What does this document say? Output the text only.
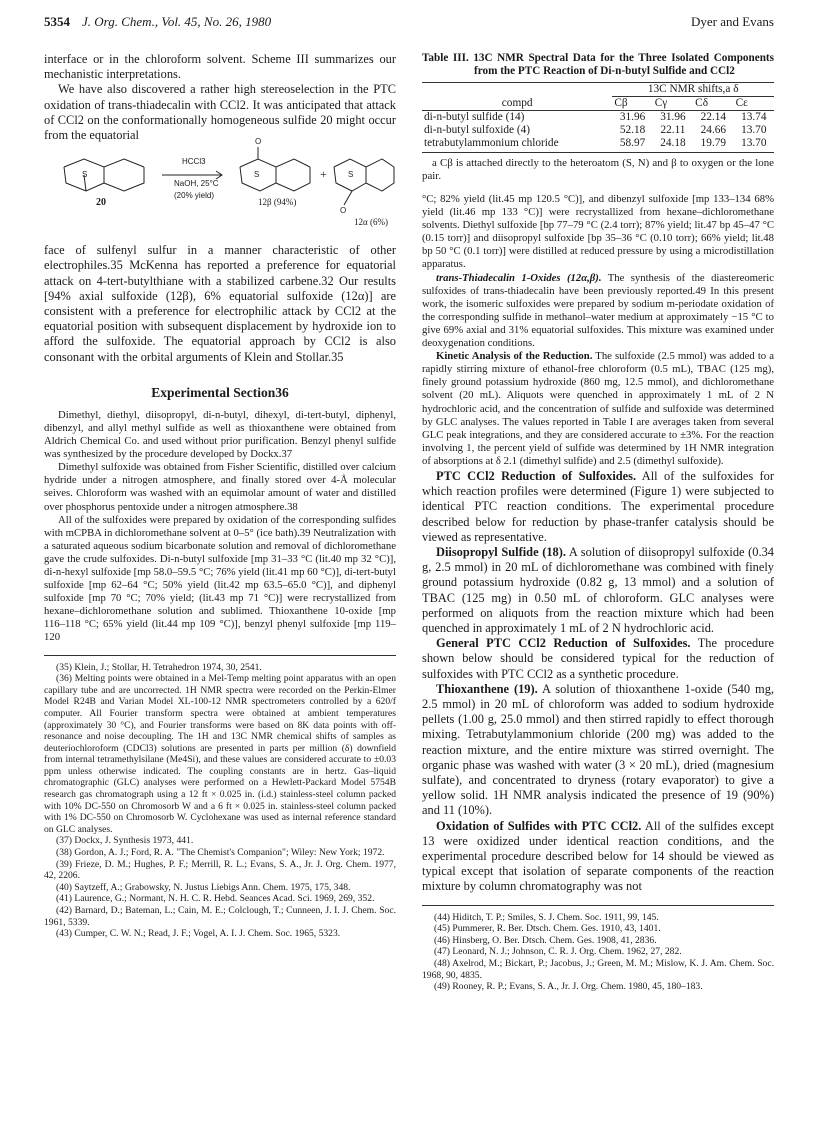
5354 J. Org. Chem., Vol. 45, No. 26, 1980	Dyer and Evans

interface or in the chloroform solvent. Scheme III summarizes our mechanistic interpretations.

We have also discovered a rather high stereoselection in the PTC oxidation of trans-thiadecalin with CCl2. It was anticipated that attack of CCl2 on the conformationally homogeneous sulfide 20 might occur from the equatorial

S	S
O
S
O
HCCl3
NaOH, 25°C
(20% yield)
20	12β (94%)
+
12α (6%)

face of sulfenyl sulfur in a manner characteristic of other electrophiles.35 McKenna has reported a preference for equatorial attack on 4-tert-butylthiane with a stabilized carbene.32 Our results [94% axial sulfoxide (12β), 6% equatorial sulfoxide (12α)] are consistent with a preference for electrophilic attack by CCl2 at the equatorial position with subsequent displacement by hydroxide ion to afford the sulfoxide. The equatorial approach by CCl2 is also consonant with the orbital arguments of Klein and Stollar.35

Experimental Section36

Dimethyl, diethyl, diisopropyl, di-n-butyl, dihexyl, di-tert-butyl, diphenyl, dibenzyl, and allyl methyl sulfide as well as thioxanthene were obtained from Aldrich Chemical Co. and used without prior purification. Benzyl phenyl sulfide was synthesized by the procedure developed by Dockx.37

Dimethyl sulfoxide was obtained from Fisher Scientific, distilled over calcium hydride under a nitrogen atmosphere, and finally stored over 4-Å molecular seives. Chloroform was washed with an equimolar amount of water and distilled over phosphorus pentoxide under a nitrogen atmosphere.38

All of the sulfoxides were prepared by oxidation of the corresponding sulfides with mCPBA in dichloromethane solvent at 0–5° (ice bath).39 Neutralization with a saturated aqueous sodium bicarbonate solution and removal of dichloromethane gave the crude sulfoxides. Di-n-butyl sulfoxide [mp 31–33 °C (lit.40 mp 32 °C)], di-n-hexyl sulfoxide [mp 58.0–59.5 °C; 76% yield (lit.41 mp 60 °C)], di-tert-butyl sulfoxide [mp 62–64 °C; 50% yield (lit.42 mp 63.5–65.0 °C)], and diphenyl sulfoxide [mp 70 °C; 70% yield; (lit.43 mp 71 °C)] were recrystallized from hexane–dichloromethane solution and sublimed. Thioxanthene 10-oxide [mp 116–118 °C; 65% yield (lit.44 mp 109 °C)], benzyl phenyl sulfoxide [mp 119–120

(35) Klein, J.; Stollar, H. Tetrahedron 1974, 30, 2541.

(36) Melting points were obtained in a Mel-Temp melting point apparatus with an open capillary tube and are uncorrected. 1H NMR spectra were recorded on the Perkin-Elmer Model R24B and Varian Model XL-100-12 NMR spectrometers controlled by a 620/f computer. All Fourier transform spectra were obtained at ambient temperatures (approximately 30 °C), and Fourier transforms were based on 8K data points with off-resonance and noise decoupling. The 1H and 13C NMR chemical shifts of samples as deuteriochloroform (CDCl3) solutions are presented in parts per million (δ) downfield from internal tetramethylsilane (Me4Si), and these values are considered accurate to ±0.03 ppm unless otherwise indicated. The coupling constants are in hertz. Gas–liquid chromatographic (GLC) analyses were performed on a Hewlett-Packard Model 5754B research gas chromatograph using a 12 ft × 0.025 in. (i.d.) stainless-steel column packed with 10% DC-550 on Chromosorb W and a 6 ft × 0.025 in. stainless-steel column packed with 1% DC-550 on Chromosorb W. Cyclohexane was used as internal reference standard on GLC analyses.

(37) Dockx, J. Synthesis 1973, 441.

(38) Gordon, A. J.; Ford, R. A. "The Chemist's Companion"; Wiley: New York; 1972.

(39) Frieze, D. M.; Hughes, P. F.; Merrill, R. L.; Evans, S. A., Jr. J. Org. Chem. 1977, 42, 2206.

(40) Saytzeff, A.; Grabowsky, N. Justus Liebigs Ann. Chem. 1975, 175, 348.

(41) Laurence, G.; Normant, N. H. C. R. Hebd. Seances Acad. Sci. 1969, 269, 352.

(42) Barnard, D.; Bateman, L.; Cain, M. E.; Colclough, T.; Cunneen, J. I. J. Chem. Soc. 1961, 5339.

(43) Cumper, C. W. N.; Read, J. F.; Vogel, A. I. J. Chem. Soc. 1965, 5323.

Table III. 13C NMR Spectral Data for the Three Isolated Components from the PTC Reaction of Di-n-butyl Sulfide and CCl2
	13C NMR shifts,a δ			
compd	Cβ	Cγ	Cδ	Cε
di-n-butyl sulfide (14)	31.96	31.96	22.14	13.74
di-n-butyl sulfoxide (4)	52.18	22.11	24.66	13.70
tetrabutylammonium chloride	58.97	24.18	19.79	13.70
a Cβ is attached directly to the heteroatom (S, N) and β to oxygen or the lone pair.

°C; 82% yield (lit.45 mp 120.5 °C)], and dibenzyl sulfoxide [mp 133–134 68% yield (lit.46 mp 133 °C)] were recrystallized from hexane–dichloromethane solvents. Diethyl sulfoxide [bp 77–79 °C (2.4 torr); 87% yield; lit.47 bp 45–47 °C (0.15 torr)] and diisopropyl sulfoxide [bp 35–36 °C (0.10 torr); 66% yield; lit.48 bp 50 °C (0.1 torr)] were distilled at reduced pressure by using a microdistillation apparatus.

trans-Thiadecalin 1-Oxides (12α,β). The synthesis of the diastereomeric sulfoxides of trans-thiadecalin have been previously reported.49 In this present work, the isomeric sulfoxides were prepared by sodium m-periodate oxidation of the corresponding sulfide in methanol–water medium at approximately −15 °C to give 69% axial and 31% equatorial sulfoxides. This mixture was examined under deoxygenation conditions.

Kinetic Analysis of the Reduction. The sulfoxide (2.5 mmol) was added to a rapidly stirring mixture of ethanol-free chloroform (0.5 mL), TBAC (125 mg), finely ground potassium hydroxide (860 mg, 12.5 mmol), and dichloromethane solvent (20 mL). Aliquots were quenched in approximately 1 mL of 2 N hydrochloric acid, and the concentration of sulfide and sulfoxide was determined by GLC analyses. The values reported in Table I are averages taken from several GLC peak integrations, and they are considered accurate to ±3%. For the reaction involving 1, the percent yield of sulfide was determined by 1H NMR integration of absorptions at δ 2.1 (dimethyl sulfide) and 2.5 (dimethyl sulfoxide).

PTC CCl2 Reduction of Sulfoxides. All of the sulfoxides for which reaction profiles were determined (Figure 1) were subjected to identical PTC reaction conditions. The experimental procedure described below for reduction by phase-tranfer catalysis should be viewed as representative.

Diisopropyl Sulfide (18). A solution of diisopropyl sulfoxide (0.34 g, 2.5 mmol) in 20 mL of dichloromethane was combined with finely ground potassium hydroxide (0.82 g, 13 mmol) and a solution of TBAC (125 mg) in 0.50 mL of chloroform. GLC analyses were performed on aliquots from the reaction mixture which had been quenched in approximately 1 mL of 2 N hydrochloric acid.

General PTC CCl2 Reduction of Sulfoxides. The procedure shown below should be considered typical for the reduction of sulfoxides with PTC CCl2 as a synthetic procedure.

Thioxanthene (19). A solution of thioxanthene 1-oxide (540 mg, 2.5 mmol) in 20 mL of chloroform was added to sodium hydroxide pellets (1.00 g, 25.0 mmol) and then stirred rapidly to effect thorough mixing. Tetrabutylammonium chloride (200 mg) was added to the reaction mixture, and the entire mixture was stirred overnight. The organic phase was washed with water (3 × 20 mL), dried (magnesium sulfate), and concentrated to dryness (rotary evaporator) to give a yellow solid. 1H NMR analysis indicated the presence of 19 (90%) and 11 (10%).

Oxidation of Sulfides with PTC CCl2. All of the sulfides except 13 were oxidized under identical reaction conditions, and the experimental procedure described below for 14 should be viewed as typical except that isolation of separate components of the reaction mixture by column chromatography was not

(44) Hiditch, T. P.; Smiles, S. J. Chem. Soc. 1911, 99, 145.

(45) Pummerer, R. Ber. Dtsch. Chem. Ges. 1910, 43, 1401.

(46) Hinsberg, O. Ber. Dtsch. Chem. Ges. 1908, 41, 2836.

(47) Leonard, N. J.; Johnson, C. R. J. Org. Chem. 1962, 27, 282.

(48) Axelrod, M.; Bickart, P.; Jacobus, J.; Green, M. M.; Mislow, K. J. Am. Chem. Soc. 1968, 90, 4835.

(49) Rooney, R. P.; Evans, S. A., Jr. J. Org. Chem. 1980, 45, 180–183.
